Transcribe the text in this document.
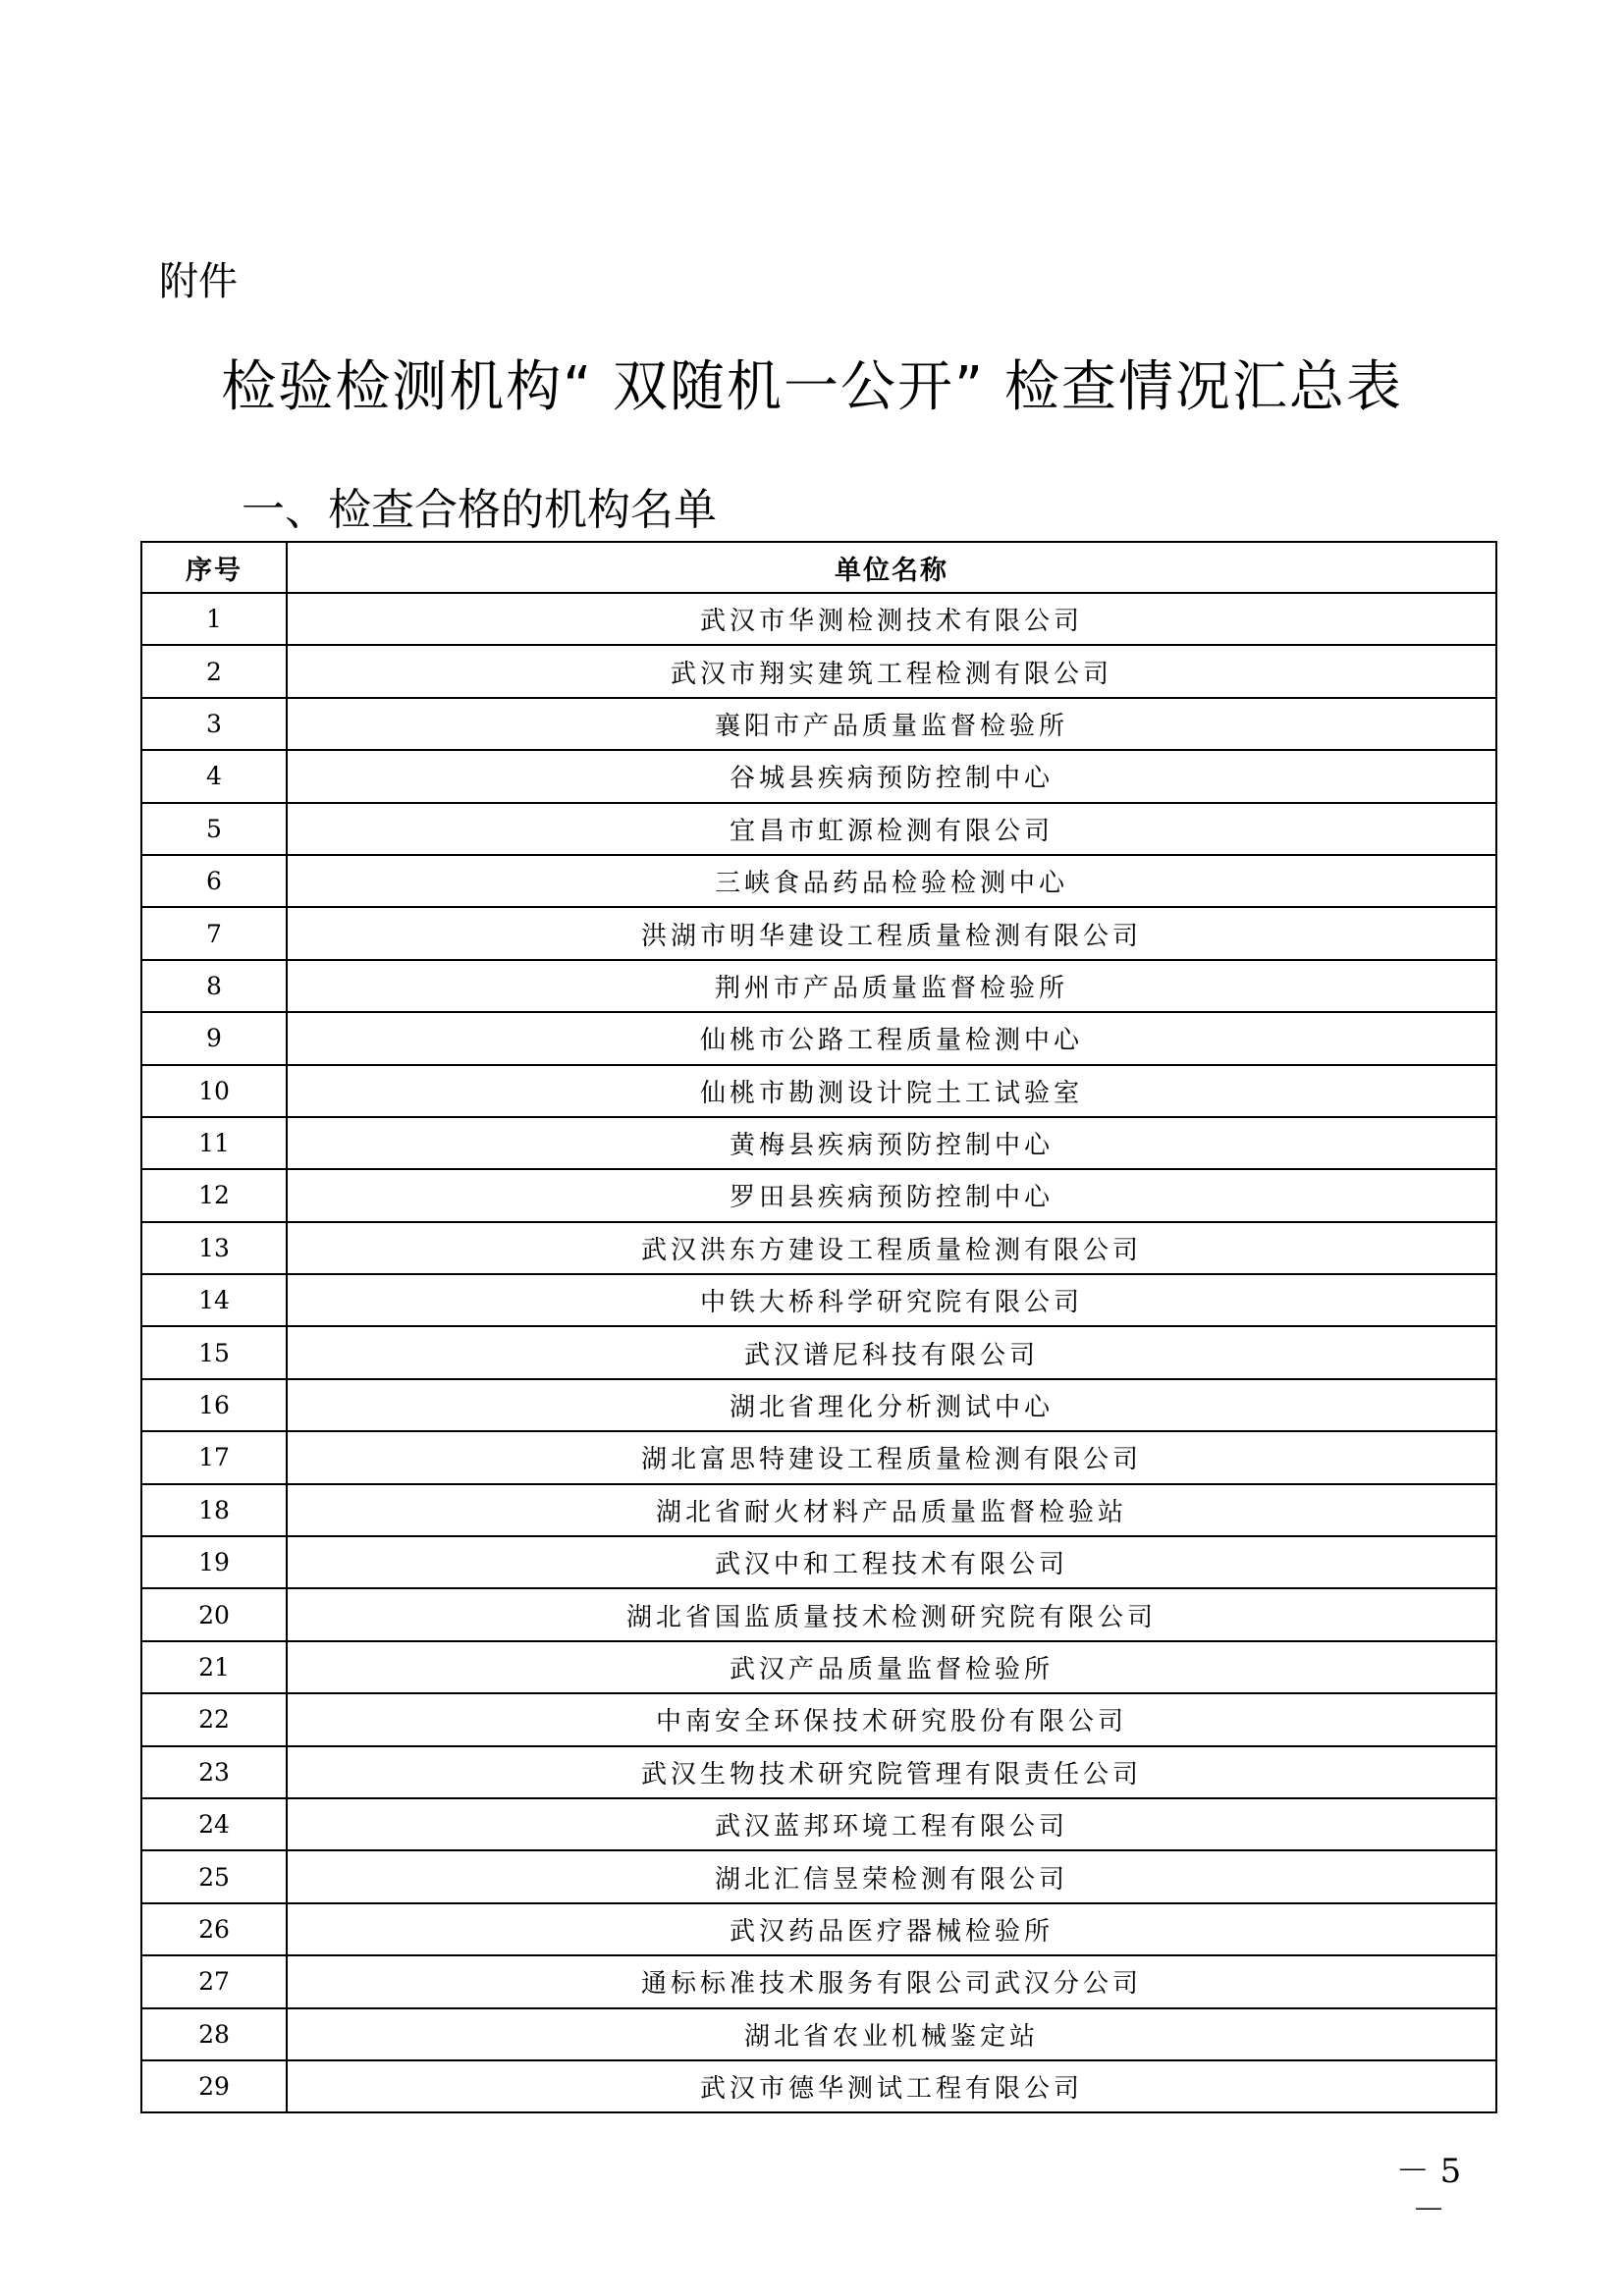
附件
检验检测机构“ 双随机一公开” 检查情况汇总表
一、检查合格的机构名单
序号	单位名称
1	武汉市华测检测技术有限公司
2	武汉市翔实建筑工程检测有限公司
3	襄阳市产品质量监督检验所
4	谷城县疾病预防控制中心
5	宜昌市虹源检测有限公司
6	三峡食品药品检验检测中心
7	洪湖市明华建设工程质量检测有限公司
8	荆州市产品质量监督检验所
9	仙桃市公路工程质量检测中心
10	仙桃市勘测设计院土工试验室
11	黄梅县疾病预防控制中心
12	罗田县疾病预防控制中心
13	武汉洪东方建设工程质量检测有限公司
14	中铁大桥科学研究院有限公司
15	武汉谱尼科技有限公司
16	湖北省理化分析测试中心
17	湖北富思特建设工程质量检测有限公司
18	湖北省耐火材料产品质量监督检验站
19	武汉中和工程技术有限公司
20	湖北省国监质量技术检测研究院有限公司
21	武汉产品质量监督检验所
22	中南安全环保技术研究股份有限公司
23	武汉生物技术研究院管理有限责任公司
24	武汉蓝邦环境工程有限公司
25	湖北汇信昱荣检测有限公司
26	武汉药品医疗器械检验所
27	通标标准技术服务有限公司武汉分公司
28	湖北省农业机械鉴定站
29	武汉市德华测试工程有限公司
－ 5 －
